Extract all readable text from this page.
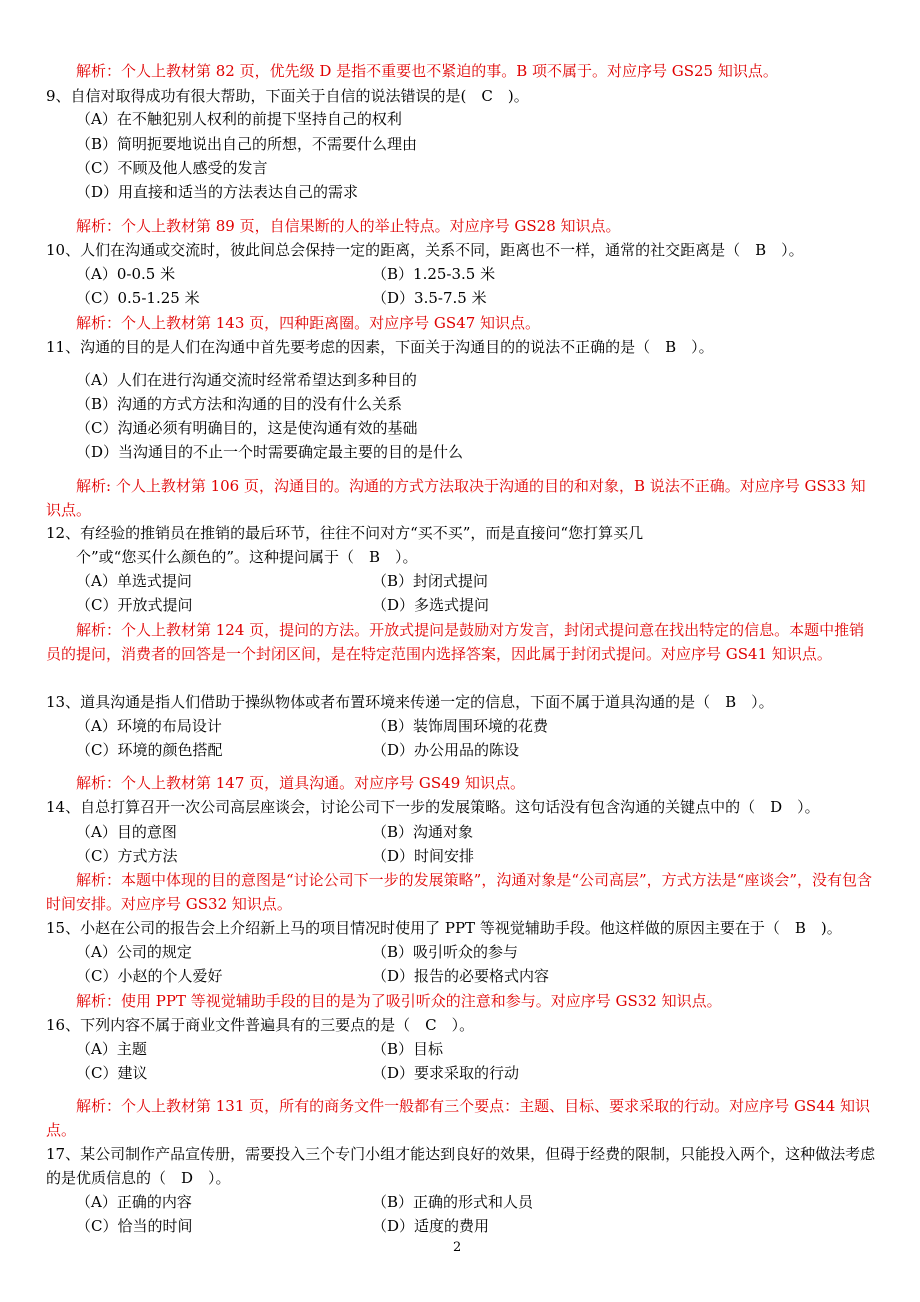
解析：个人上教材第 82 页，优先级 D 是指不重要也不紧迫的事。B 项不属于。对应序号 GS25 知识点。
9、自信对取得成功有很大帮助，下面关于自信的说法错误的是(　C　)。
（A）在不触犯别人权利的前提下坚持自己的权利
（B）简明扼要地说出自己的所想，不需要什么理由
（C）不顾及他人感受的发言
（D）用直接和适当的方法表达自己的需求
解析：个人上教材第 89 页，自信果断的人的举止特点。对应序号 GS28 知识点。
10、人们在沟通或交流时，彼此间总会保持一定的距离，关系不同，距离也不一样，通常的社交距离是（　B　）。
（A）0-0.5 米	（B）1.25-3.5 米
（C）0.5-1.25 米	（D）3.5-7.5 米
解析：个人上教材第 143 页，四种距离圈。对应序号 GS47 知识点。
11、沟通的目的是人们在沟通中首先要考虑的因素，下面关于沟通目的的说法不正确的是（　B　）。
（A）人们在进行沟通交流时经常希望达到多种目的
（B）沟通的方式方法和沟通的目的没有什么关系
（C）沟通必须有明确目的，这是使沟通有效的基础
（D）当沟通目的不止一个时需要确定最主要的目的是什么
解析: 个人上教材第 106 页，沟通目的。沟通的方式方法取决于沟通的目的和对象，B 说法不正确。对应序号 GS33 知识点。
12、有经验的推销员在推销的最后环节，往往不问对方“买不买”，而是直接问“您打算买几
个”或“您买什么颜色的”。这种提问属于（　B　）。
（A）单选式提问	（B）封闭式提问
（C）开放式提问	（D）多选式提问
解析：个人上教材第 124 页，提问的方法。开放式提问是鼓励对方发言，封闭式提问意在找出特定的信息。本题中推销员的提问，消费者的回答是一个封闭区间，是在特定范围内选择答案，因此属于封闭式提问。对应序号 GS41 知识点。
13、道具沟通是指人们借助于操纵物体或者布置环境来传递一定的信息，下面不属于道具沟通的是（　B　）。
（A）环境的布局设计	（B）装饰周围环境的花费
（C）环境的颜色搭配	（D）办公用品的陈设
解析：个人上教材第 147 页，道具沟通。对应序号 GS49 知识点。
14、自总打算召开一次公司高层座谈会，讨论公司下一步的发展策略。这句话没有包含沟通的关键点中的（　D　）。
（A）目的意图	（B）沟通对象
（C）方式方法	（D）时间安排
解析：本题中体现的目的意图是“讨论公司下一步的发展策略”，沟通对象是“公司高层”，方式方法是“座谈会”，没有包含时间安排。对应序号 GS32 知识点。
15、小赵在公司的报告会上介绍新上马的项目情况时使用了 PPT 等视觉辅助手段。他这样做的原因主要在于（　B　)。
（A）公司的规定	（B）吸引听众的参与
（C）小赵的个人爱好	（D）报告的必要格式内容
解析：使用 PPT 等视觉辅助手段的目的是为了吸引听众的注意和参与。对应序号 GS32 知识点。
16、下列内容不属于商业文件普遍具有的三要点的是（　C　）。
（A）主题	（B）目标
（C）建议	（D）要求采取的行动
解析：个人上教材第 131 页，所有的商务文件一般都有三个要点：主题、目标、要求采取的行动。对应序号 GS44 知识点。
17、某公司制作产品宣传册，需要投入三个专门小组才能达到良好的效果，但碍于经费的限制，只能投入两个，这种做法考虑的是优质信息的（　D　）。
（A）正确的内容	（B）正确的形式和人员
（C）恰当的时间	（D）适度的费用
2
